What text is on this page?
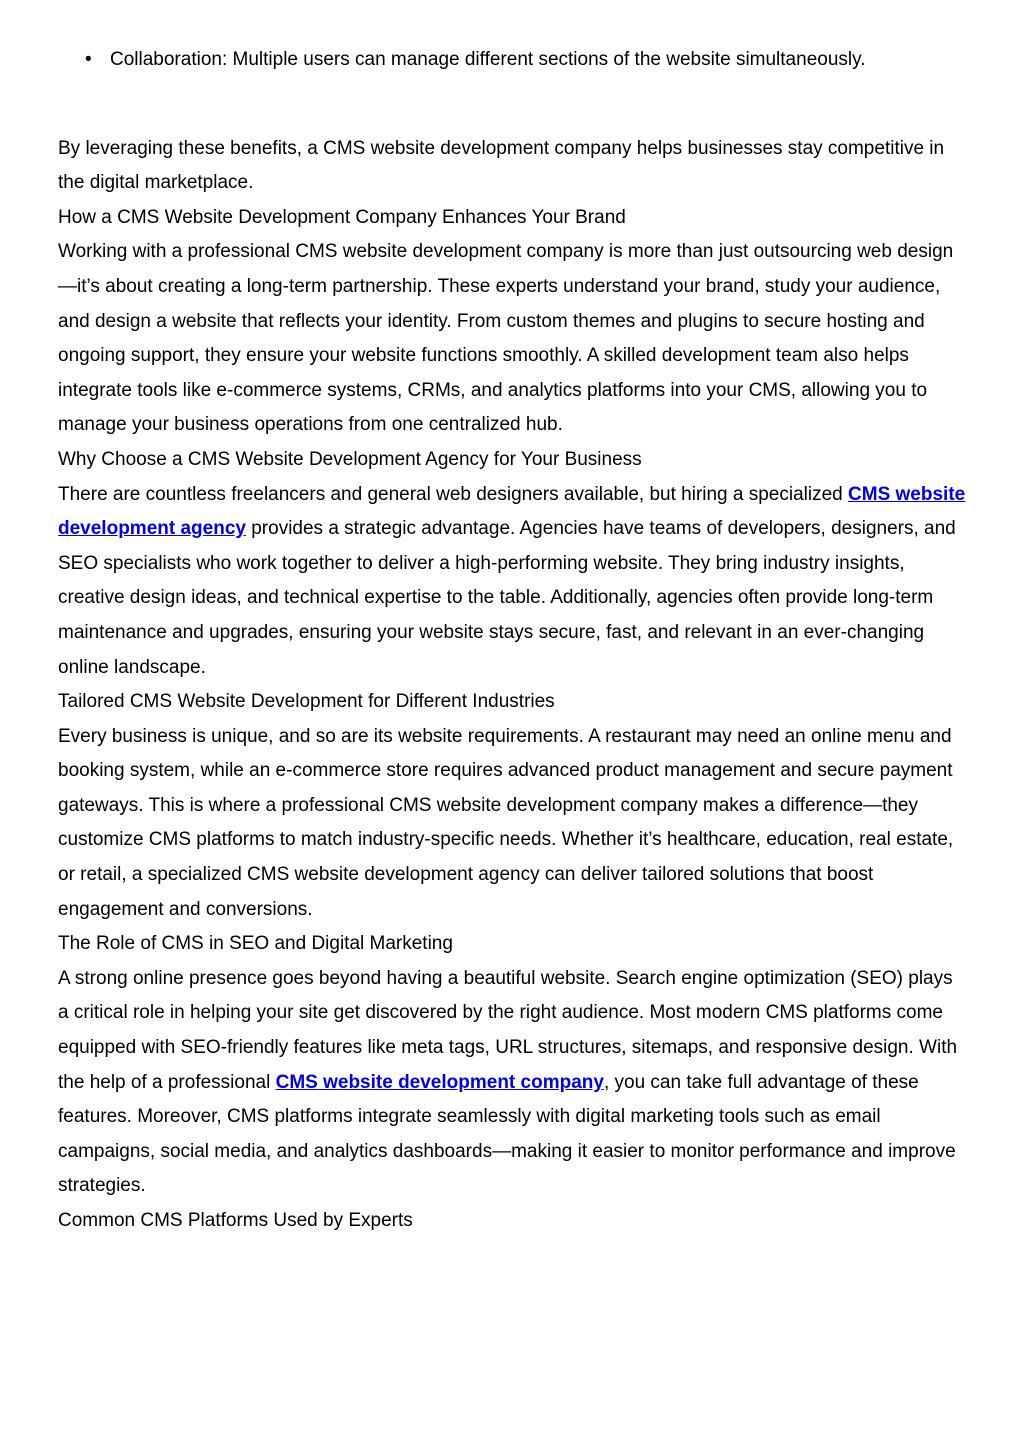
• Collaboration: Multiple users can manage different sections of the website simultaneously.

By leveraging these benefits, a CMS website development company helps businesses stay competitive in the digital marketplace.

How a CMS Website Development Company Enhances Your Brand

Working with a professional CMS website development company is more than just outsourcing web design—it’s about creating a long-term partnership. These experts understand your brand, study your audience, and design a website that reflects your identity. From custom themes and plugins to secure hosting and ongoing support, they ensure your website functions smoothly. A skilled development team also helps integrate tools like e-commerce systems, CRMs, and analytics platforms into your CMS, allowing you to manage your business operations from one centralized hub.

Why Choose a CMS Website Development Agency for Your Business

There are countless freelancers and general web designers available, but hiring a specialized CMS website development agency provides a strategic advantage. Agencies have teams of developers, designers, and SEO specialists who work together to deliver a high-performing website. They bring industry insights, creative design ideas, and technical expertise to the table. Additionally, agencies often provide long-term maintenance and upgrades, ensuring your website stays secure, fast, and relevant in an ever-changing online landscape.

Tailored CMS Website Development for Different Industries

Every business is unique, and so are its website requirements. A restaurant may need an online menu and booking system, while an e-commerce store requires advanced product management and secure payment gateways. This is where a professional CMS website development company makes a difference—they customize CMS platforms to match industry-specific needs. Whether it’s healthcare, education, real estate, or retail, a specialized CMS website development agency can deliver tailored solutions that boost engagement and conversions.

The Role of CMS in SEO and Digital Marketing

A strong online presence goes beyond having a beautiful website. Search engine optimization (SEO) plays a critical role in helping your site get discovered by the right audience. Most modern CMS platforms come equipped with SEO-friendly features like meta tags, URL structures, sitemaps, and responsive design. With the help of a professional CMS website development company, you can take full advantage of these features. Moreover, CMS platforms integrate seamlessly with digital marketing tools such as email campaigns, social media, and analytics dashboards—making it easier to monitor performance and improve strategies.

Common CMS Platforms Used by Experts
